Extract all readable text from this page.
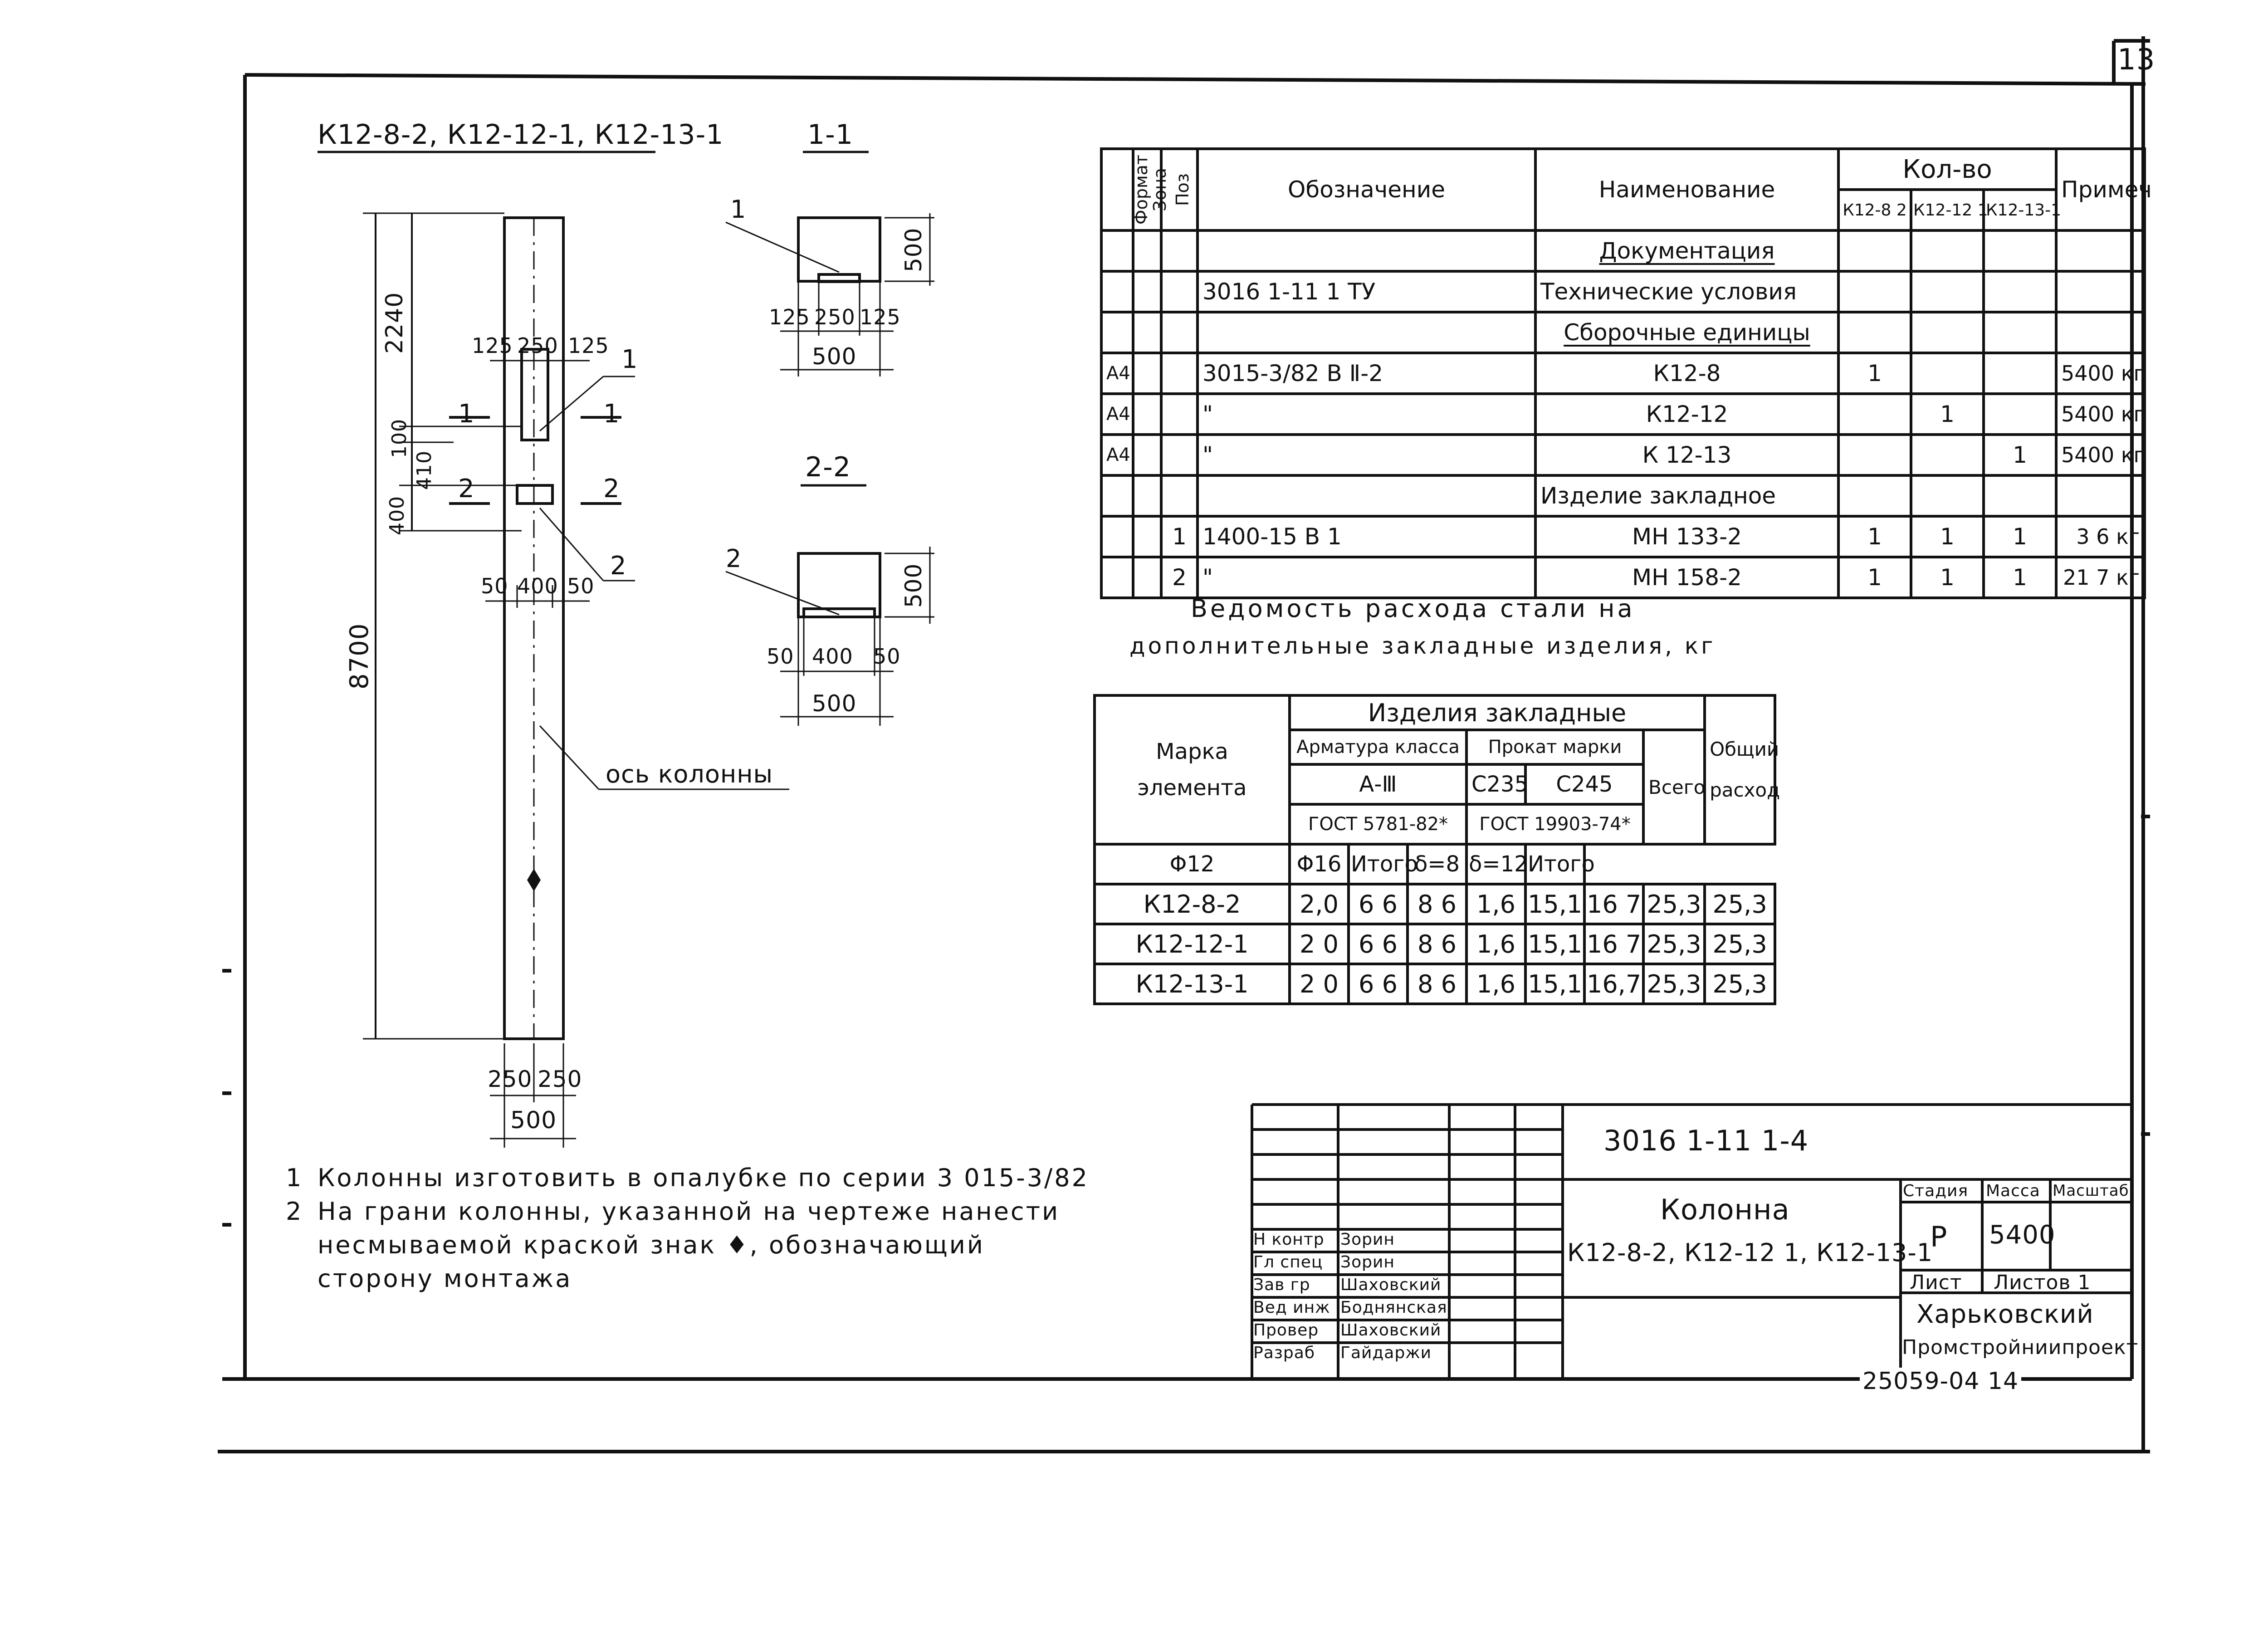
К12-8-2, К12-12-1, К12-13-1	1-1
2-2
8700
2240
100
410
400
125 250 125
50 400 50
250 250
500
1
2
1	1
2	2
ось колонны
1
500
125 250 125
500
2
500
50 400 50
500
13
Формат	Зона	Поз	Обозначение	Наименование	Кол-во			Примеч
					К12-8 2	К12-12 1	К12-13-1	
				Документация				
			3016 1-11 1 ТУ	Технические условия				
				Сборочные единицы				
А4			3015-3/82 В Ⅱ-2	К12-8	1			5400 кг
А4			"	К12-12		1		5400 кг
А4			"	К 12-13			1	5400 кг
				Изделие закладное				
		1	1400-15 В 1	МН 133-2	1	1	1	3 6 кг
		2	"	МН 158-2	1	1	1	21 7 кг
Ведомость расхода стали на
дополнительные закладные изделия, кг
Марка элемента	Изделия закладные							Общий расход
	Арматура класса			Прокат марки			Всего	
	А-Ⅲ			С235	С245			
	ГОСТ 5781-82*			ГОСТ 19903-74*				
Φ12	Φ16	Итого	δ=8	δ=12	Итого			
К12-8-2	2,0	6 6	8 6	1,6	15,1	16 7	25,3	25,3
К12-12-1	2 0	6 6	8 6	1,6	15,1	16 7	25,3	25,3
К12-13-1	2 0	6 6	8 6	1,6	15,1	16,7	25,3	25,3
1 Колонны изготовить в опалубке по серии 3 015-3/82
2 На грани колонны, указанной на чертеже нанести
несмываемой краской знак ♦, обозначающий
сторону монтажа
3016 1-11 1-4
Колонна
К12-8-2, К12-12 1, К12-13-1
Стадия Масса Масштаб
Р 5400
Лист Листов 1
Харьковский
Промстройниипроект
Н контр Зорин
Гл спец Зорин
Зав гр Шаховский
Вед инж Боднянская
Провер Шаховский
Разраб Гайдаржи
25059-04 14
